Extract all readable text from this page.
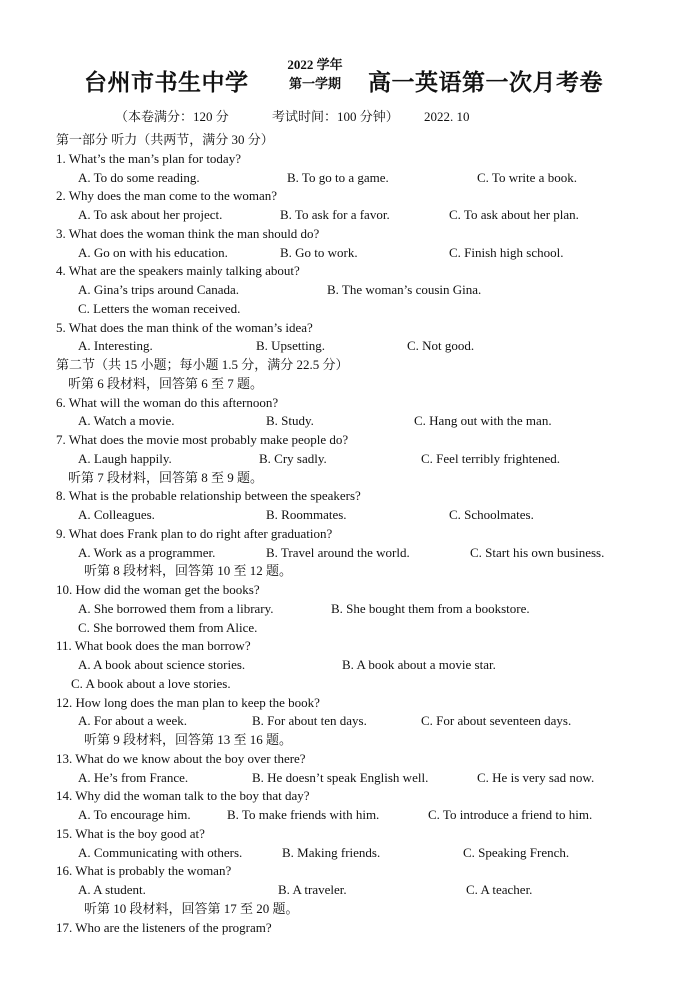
台州市书生中学
2022 学年
第一学期	高一英语第一次月考卷
（本卷满分：120 分	考试时间：100 分钟） 2022. 10
第一部分 听力（共两节，满分 30 分）
1. What’s the man’s plan for today?
A. To do some reading.	B. To go to a game.	C. To write a book.
2. Why does the man come to the woman?
A. To ask about her project.	B. To ask for a favor.	C. To ask about her plan.
3. What does the woman think the man should do?
A. Go on with his education.	B. Go to work.	C. Finish high school.
4. What are the speakers mainly talking about?
A. Gina’s trips around Canada.	B. The woman’s cousin Gina.
C. Letters the woman received.
5. What does the man think of the woman’s idea?
A. Interesting.	B. Upsetting.	C. Not good.
第二节（共 15 小题；每小题 1.5 分，满分 22.5 分）
听第 6 段材料，回答第 6 至 7 题。
6. What will the woman do this afternoon?
A. Watch a movie.	B. Study.	C. Hang out with the man.
7. What does the movie most probably make people do?
A. Laugh happily.	B. Cry sadly.	C. Feel terribly frightened.
听第 7 段材料，回答第 8 至 9 题。
8. What is the probable relationship between the speakers?
A. Colleagues.	B. Roommates.	C. Schoolmates.
9. What does Frank plan to do right after graduation?
A. Work as a programmer.	B. Travel around the world.	C. Start his own business.
听第 8 段材料，回答第 10 至 12 题。
10. How did the woman get the books?
A. She borrowed them from a library.	B. She bought them from a bookstore.
C. She borrowed them from Alice.
11. What book does the man borrow?
A. A book about science stories.	B. A book about a movie star.
C. A book about a love stories.
12. How long does the man plan to keep the book?
A. For about a week.	B. For about ten days.	C. For about seventeen days.
听第 9 段材料，回答第 13 至 16 题。
13. What do we know about the boy over there?
A. He’s from France.	B. He doesn’t speak English well.	C. He is very sad now.
14. Why did the woman talk to the boy that day?
A. To encourage him.	B. To make friends with him.	C. To introduce a friend to him.
15. What is the boy good at?
A. Communicating with others.	B. Making friends.	C. Speaking French.
16. What is probably the woman?
A. A student.	B. A traveler.	C. A teacher.
听第 10 段材料，回答第 17 至 20 题。
17. Who are the listeners of the program?
